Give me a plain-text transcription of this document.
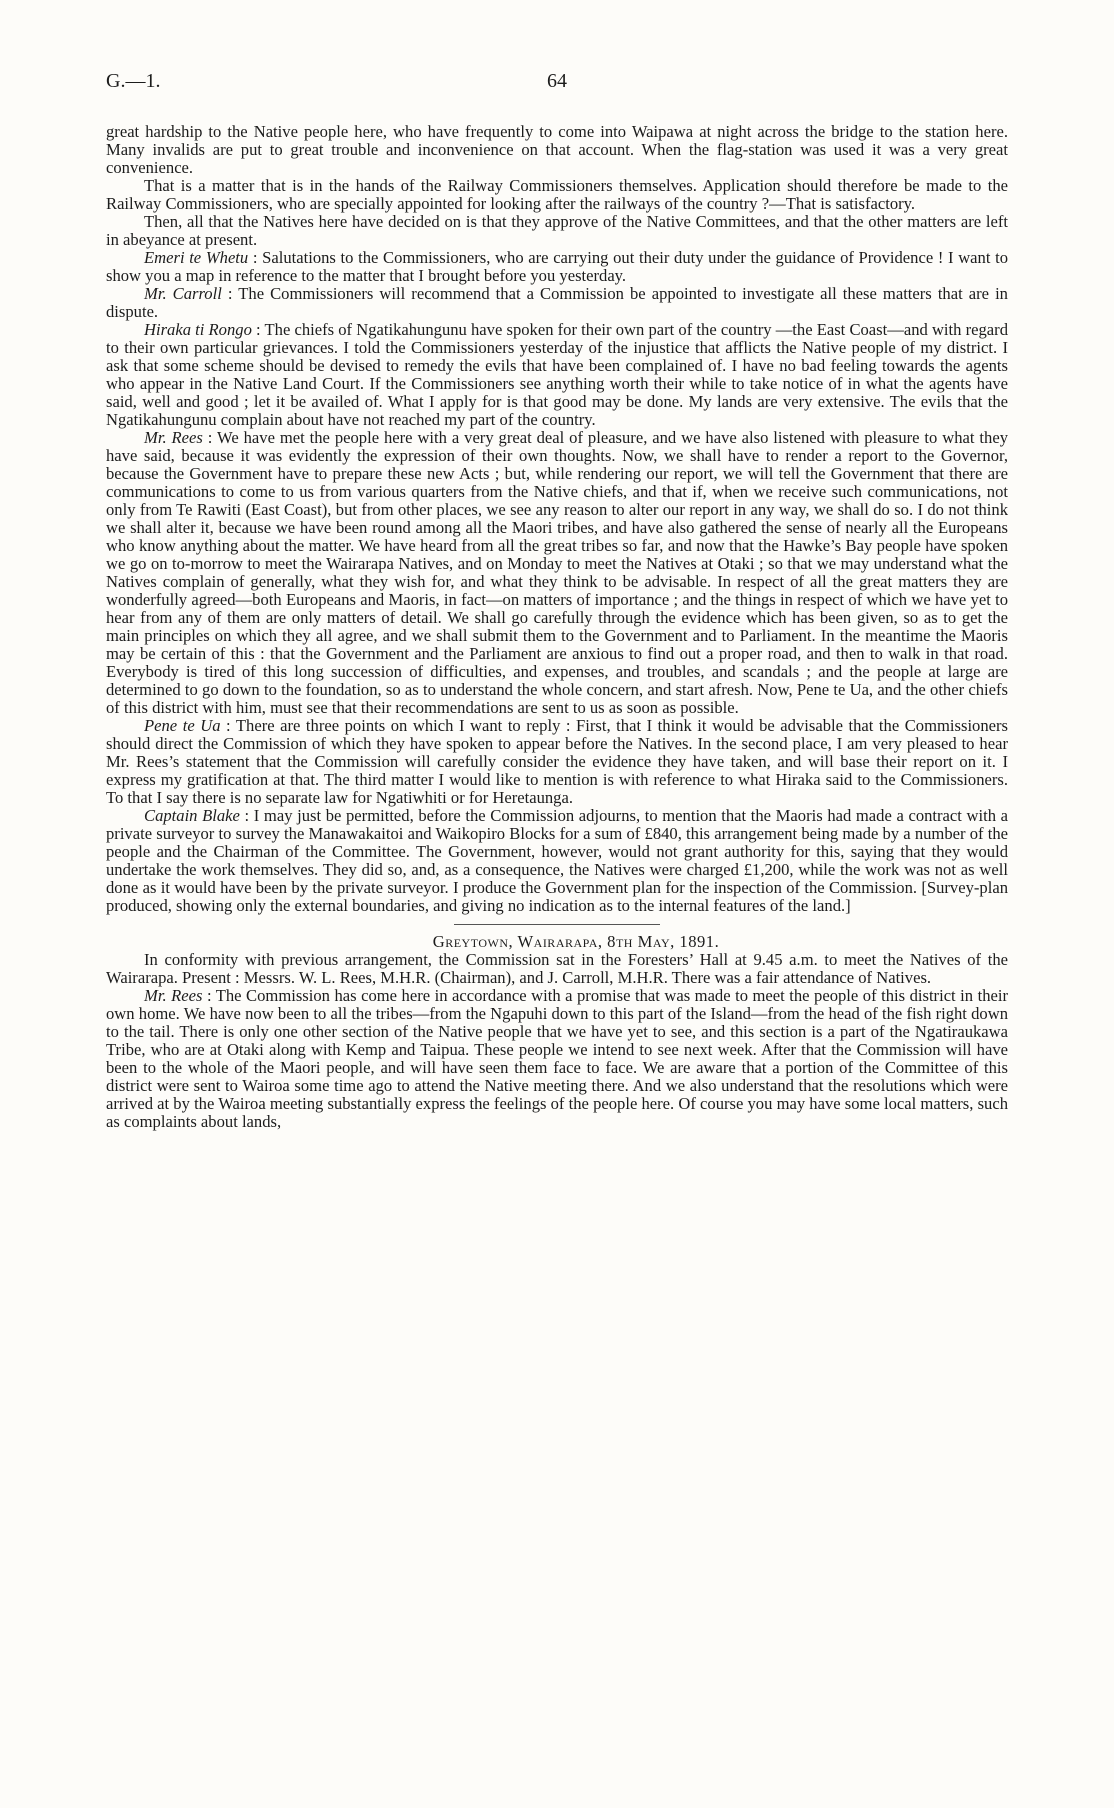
G.—1.	64

great hardship to the Native people here, who have frequently to come into Waipawa at night across the bridge to the station here. Many invalids are put to great trouble and inconvenience on that account. When the flag-station was used it was a very great convenience.

That is a matter that is in the hands of the Railway Commissioners themselves. Application should therefore be made to the Railway Commissioners, who are specially appointed for looking after the railways of the country ?—That is satisfactory.

Then, all that the Natives here have decided on is that they approve of the Native Committees, and that the other matters are left in abeyance at present.

Emeri te Whetu : Salutations to the Commissioners, who are carrying out their duty under the guidance of Providence ! I want to show you a map in reference to the matter that I brought before you yesterday.

Mr. Carroll : The Commissioners will recommend that a Commission be appointed to investigate all these matters that are in dispute.

Hiraka ti Rongo : The chiefs of Ngatikahungunu have spoken for their own part of the country —the East Coast—and with regard to their own particular grievances. I told the Commissioners yesterday of the injustice that afflicts the Native people of my district. I ask that some scheme should be devised to remedy the evils that have been complained of. I have no bad feeling towards the agents who appear in the Native Land Court. If the Commissioners see anything worth their while to take notice of in what the agents have said, well and good ; let it be availed of. What I apply for is that good may be done. My lands are very extensive. The evils that the Ngatikahungunu complain about have not reached my part of the country.

Mr. Rees : We have met the people here with a very great deal of pleasure, and we have also listened with pleasure to what they have said, because it was evidently the expression of their own thoughts. Now, we shall have to render a report to the Governor, because the Government have to prepare these new Acts ; but, while rendering our report, we will tell the Government that there are communications to come to us from various quarters from the Native chiefs, and that if, when we receive such communications, not only from Te Rawiti (East Coast), but from other places, we see any reason to alter our report in any way, we shall do so. I do not think we shall alter it, because we have been round among all the Maori tribes, and have also gathered the sense of nearly all the Europeans who know anything about the matter. We have heard from all the great tribes so far, and now that the Hawke’s Bay people have spoken we go on to-morrow to meet the Wairarapa Natives, and on Monday to meet the Natives at Otaki ; so that we may understand what the Natives complain of generally, what they wish for, and what they think to be advisable. In respect of all the great matters they are wonderfully agreed—both Europeans and Maoris, in fact—on matters of importance ; and the things in respect of which we have yet to hear from any of them are only matters of detail. We shall go carefully through the evidence which has been given, so as to get the main principles on which they all agree, and we shall submit them to the Government and to Parliament. In the meantime the Maoris may be certain of this : that the Government and the Parliament are anxious to find out a proper road, and then to walk in that road. Everybody is tired of this long succession of difficulties, and expenses, and troubles, and scandals ; and the people at large are determined to go down to the foundation, so as to understand the whole concern, and start afresh. Now, Pene te Ua, and the other chiefs of this district with him, must see that their recommendations are sent to us as soon as possible.

Pene te Ua : There are three points on which I want to reply : First, that I think it would be advisable that the Commissioners should direct the Commission of which they have spoken to appear before the Natives. In the second place, I am very pleased to hear Mr. Rees’s statement that the Commission will carefully consider the evidence they have taken, and will base their report on it. I express my gratification at that. The third matter I would like to mention is with reference to what Hiraka said to the Commissioners. To that I say there is no separate law for Ngatiwhiti or for Heretaunga.

Captain Blake : I may just be permitted, before the Commission adjourns, to mention that the Maoris had made a contract with a private surveyor to survey the Manawakaitoi and Waikopiro Blocks for a sum of £840, this arrangement being made by a number of the people and the Chairman of the Committee. The Government, however, would not grant authority for this, saying that they would undertake the work themselves. They did so, and, as a consequence, the Natives were charged £1,200, while the work was not as well done as it would have been by the private surveyor. I produce the Government plan for the inspection of the Commission. [Survey-plan produced, showing only the external boundaries, and giving no indication as to the internal features of the land.]

Greytown, Wairarapa, 8th May, 1891.

In conformity with previous arrangement, the Commission sat in the Foresters’ Hall at 9.45 a.m. to meet the Natives of the Wairarapa. Present : Messrs. W. L. Rees, M.H.R. (Chairman), and J. Carroll, M.H.R. There was a fair attendance of Natives.

Mr. Rees : The Commission has come here in accordance with a promise that was made to meet the people of this district in their own home. We have now been to all the tribes—from the Ngapuhi down to this part of the Island—from the head of the fish right down to the tail. There is only one other section of the Native people that we have yet to see, and this section is a part of the Ngatiraukawa Tribe, who are at Otaki along with Kemp and Taipua. These people we intend to see next week. After that the Commission will have been to the whole of the Maori people, and will have seen them face to face. We are aware that a portion of the Committee of this district were sent to Wairoa some time ago to attend the Native meeting there. And we also understand that the resolutions which were arrived at by the Wairoa meeting substantially express the feelings of the people here. Of course you may have some local matters, such as complaints about lands,
